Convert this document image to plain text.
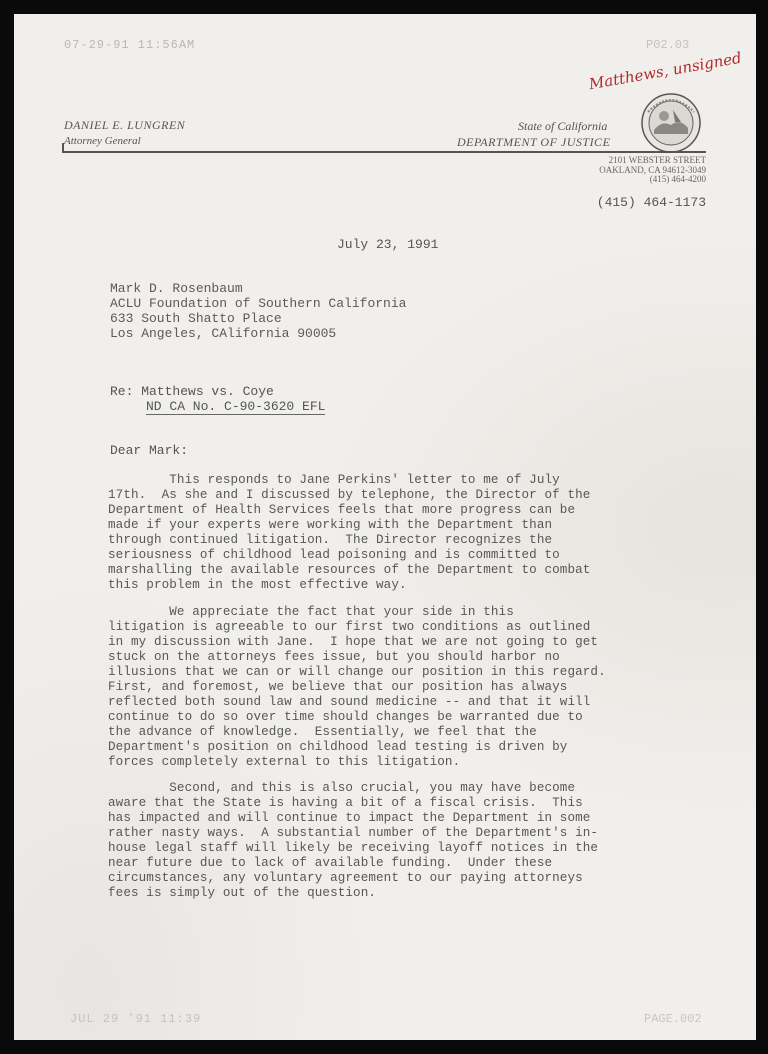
07-29-91 11:56AM	P02.03
Matthews, unsigned
DANIEL E. LUNGREN
Attorney General
State of California
DEPARTMENT OF JUSTICE
2101 WEBSTER STREET
OAKLAND, CA 94612-3049
(415) 464-4200
(415) 464-1173
July 23, 1991
Mark D. Rosenbaum
ACLU Foundation of Southern California
633 South Shatto Place
Los Angeles, CAlifornia 90005
Re: Matthews vs. Coye
ND CA No. C-90-3620 EFL
Dear Mark:
This responds to Jane Perkins' letter to me of July
17th.  As she and I discussed by telephone, the Director of the
Department of Health Services feels that more progress can be
made if your experts were working with the Department than
through continued litigation.  The Director recognizes the
seriousness of childhood lead poisoning and is committed to
marshalling the available resources of the Department to combat
this problem in the most effective way.
We appreciate the fact that your side in this
litigation is agreeable to our first two conditions as outlined
in my discussion with Jane.  I hope that we are not going to get
stuck on the attorneys fees issue, but you should harbor no
illusions that we can or will change our position in this regard.
First, and foremost, we believe that our position has always
reflected both sound law and sound medicine -- and that it will
continue to do so over time should changes be warranted due to
the advance of knowledge.  Essentially, we feel that the
Department's position on childhood lead testing is driven by
forces completely external to this litigation.
Second, and this is also crucial, you may have become
aware that the State is having a bit of a fiscal crisis.  This
has impacted and will continue to impact the Department in some
rather nasty ways.  A substantial number of the Department's in-
house legal staff will likely be receiving layoff notices in the
near future due to lack of available funding.  Under these
circumstances, any voluntary agreement to our paying attorneys
fees is simply out of the question.
JUL 29 '91 11:39	PAGE.002
